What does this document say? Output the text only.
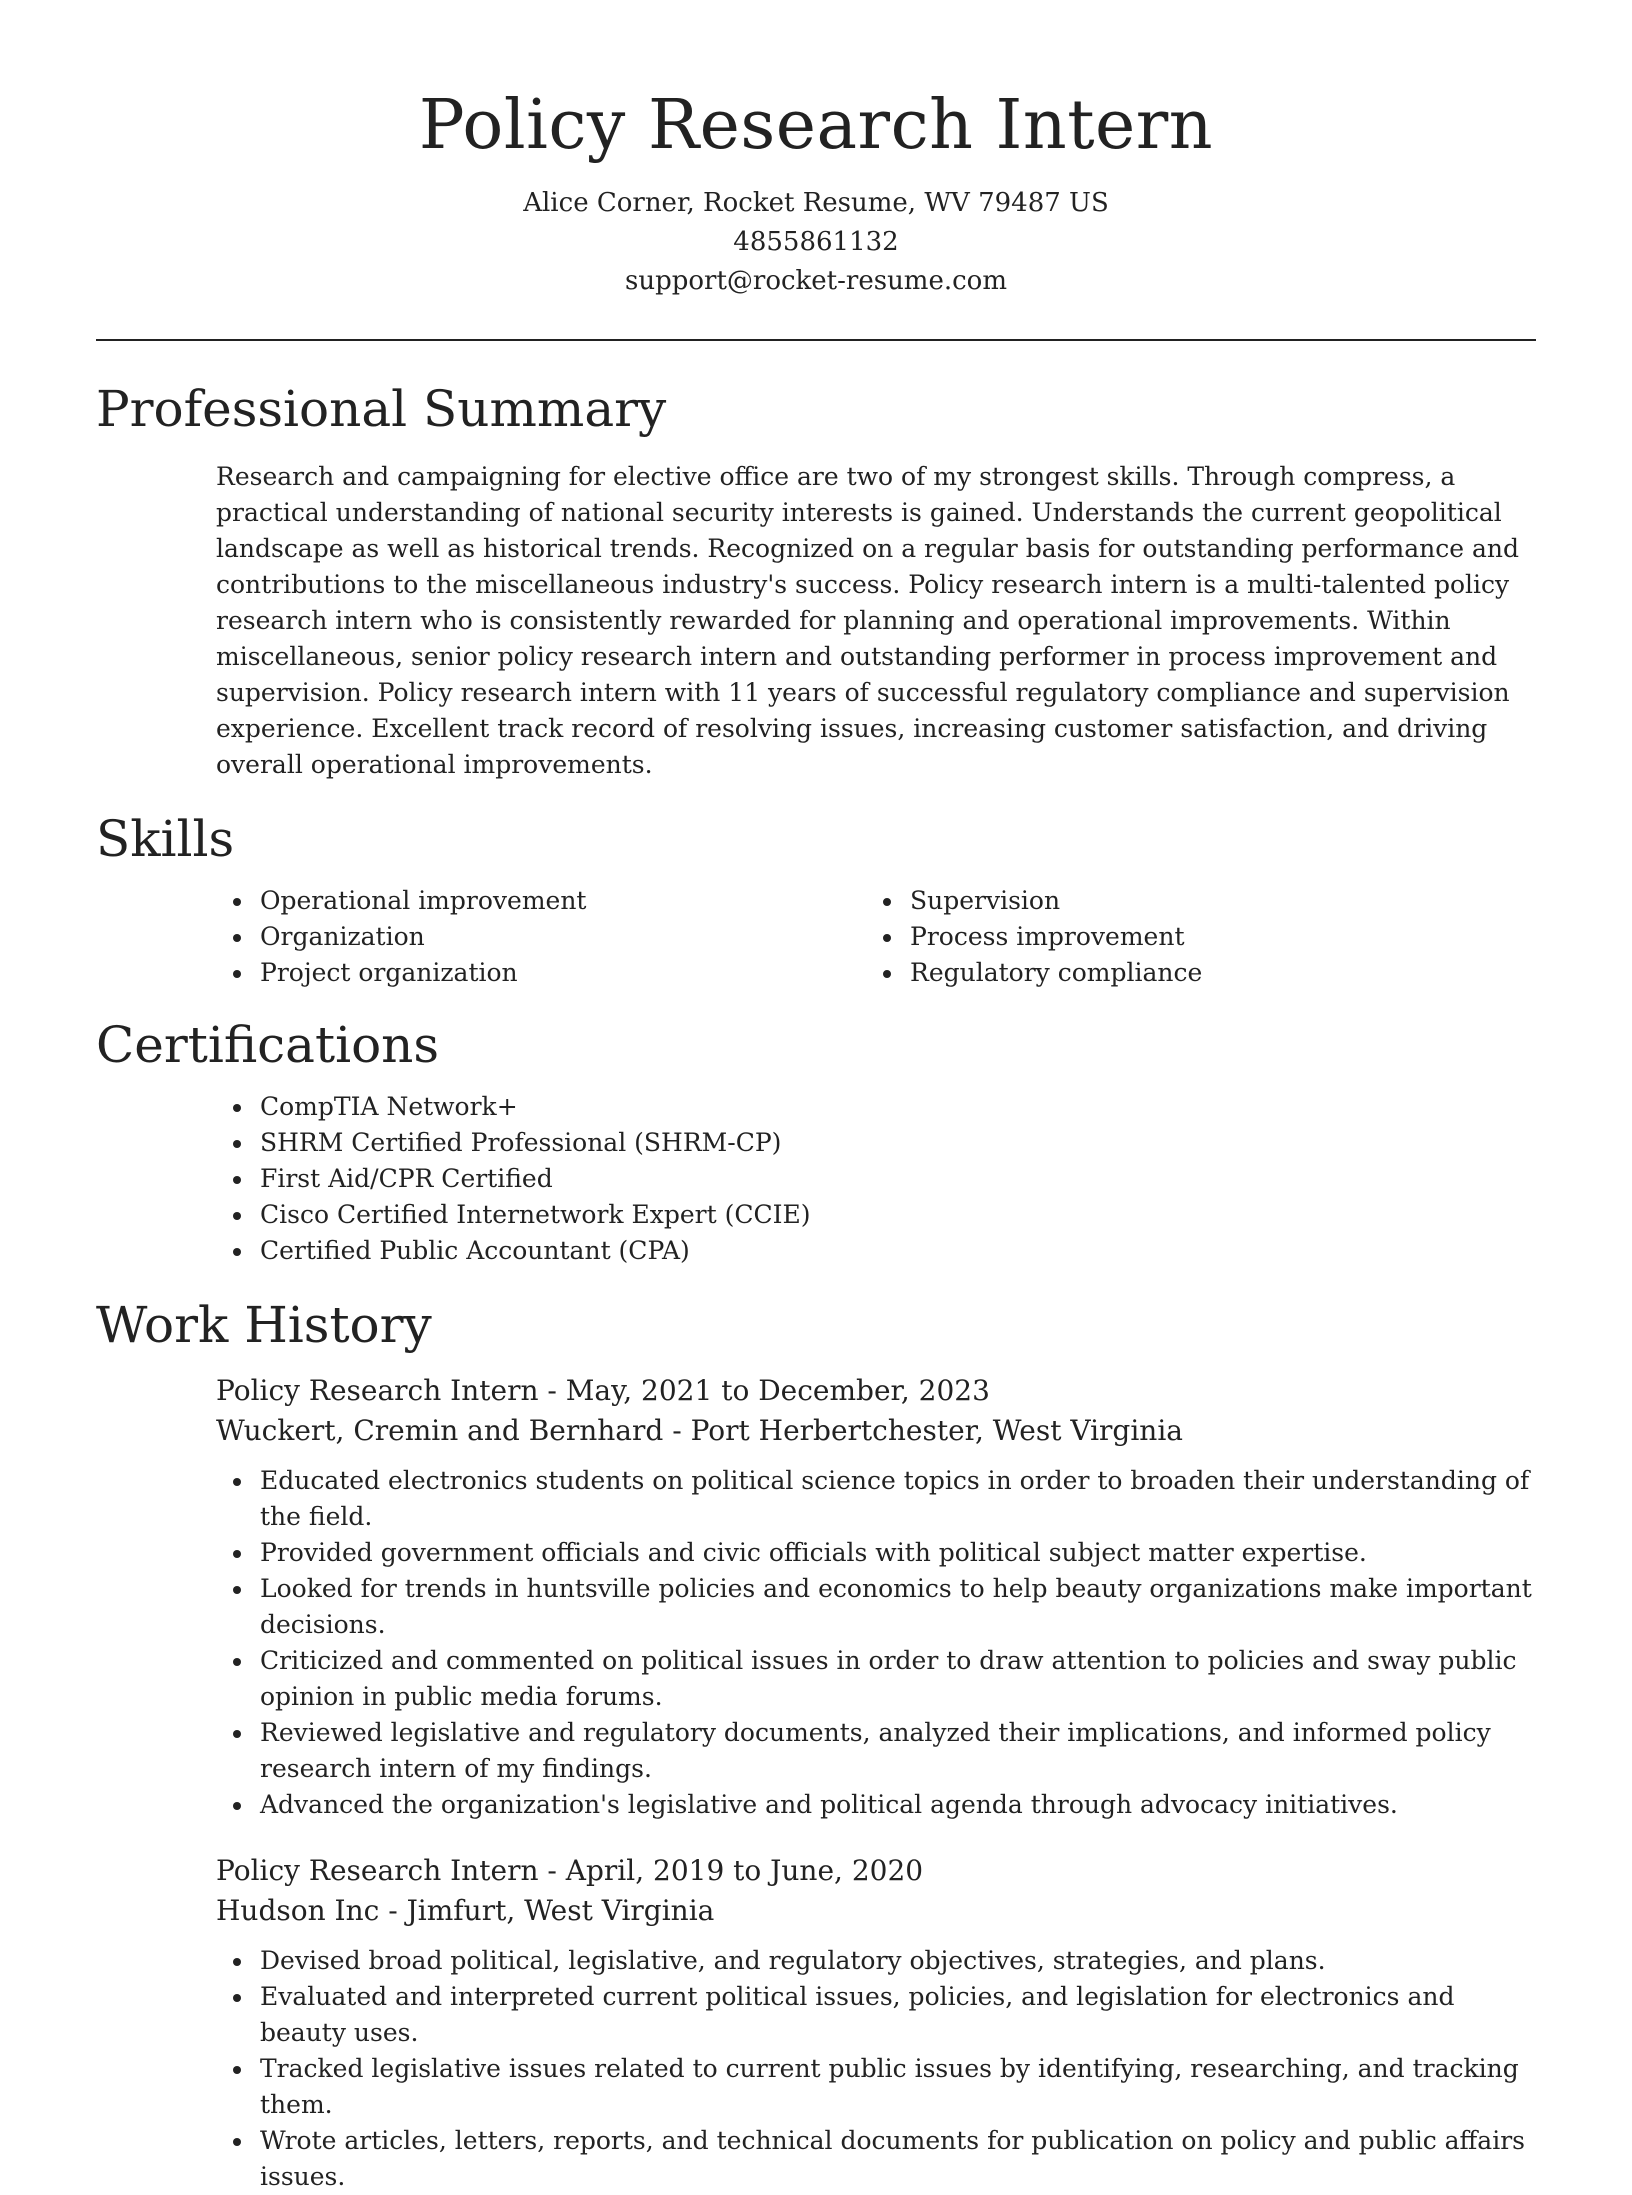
Policy Research Intern
Alice Corner, Rocket Resume, WV 79487 US
4855861132
support@rocket-resume.com
Professional Summary

Research and campaigning for elective office are two of my strongest skills. Through compress, a practical understanding of national security interests is gained. Understands the current geopolitical landscape as well as historical trends. Recognized on a regular basis for outstanding performance and contributions to the miscellaneous industry's success. Policy research intern is a multi-talented policy research intern who is consistently rewarded for planning and operational improvements. Within miscellaneous, senior policy research intern and outstanding performer in process improvement and supervision. Policy research intern with 11 years of successful regulatory compliance and supervision experience. Excellent track record of resolving issues, increasing customer satisfaction, and driving overall operational improvements.

Skills
Operational improvement
Organization
Project organization
Supervision
Process improvement
Regulatory compliance
Certifications
CompTIA Network+
SHRM Certified Professional (SHRM-CP)
First Aid/CPR Certified
Cisco Certified Internetwork Expert (CCIE)
Certified Public Accountant (CPA)
Work History
Policy Research Intern - May, 2021 to December, 2023
Wuckert, Cremin and Bernhard - Port Herbertchester, West Virginia
Educated electronics students on political science topics in order to broaden their understanding of the field.
Provided government officials and civic officials with political subject matter expertise.
Looked for trends in huntsville policies and economics to help beauty organizations make important decisions.
Criticized and commented on political issues in order to draw attention to policies and sway public opinion in public media forums.
Reviewed legislative and regulatory documents, analyzed their implications, and informed policy research intern of my findings.
Advanced the organization's legislative and political agenda through advocacy initiatives.
Policy Research Intern - April, 2019 to June, 2020
Hudson Inc - Jimfurt, West Virginia
Devised broad political, legislative, and regulatory objectives, strategies, and plans.
Evaluated and interpreted current political issues, policies, and legislation for electronics and beauty uses.
Tracked legislative issues related to current public issues by identifying, researching, and tracking them.
Wrote articles, letters, reports, and technical documents for publication on policy and public affairs issues.
